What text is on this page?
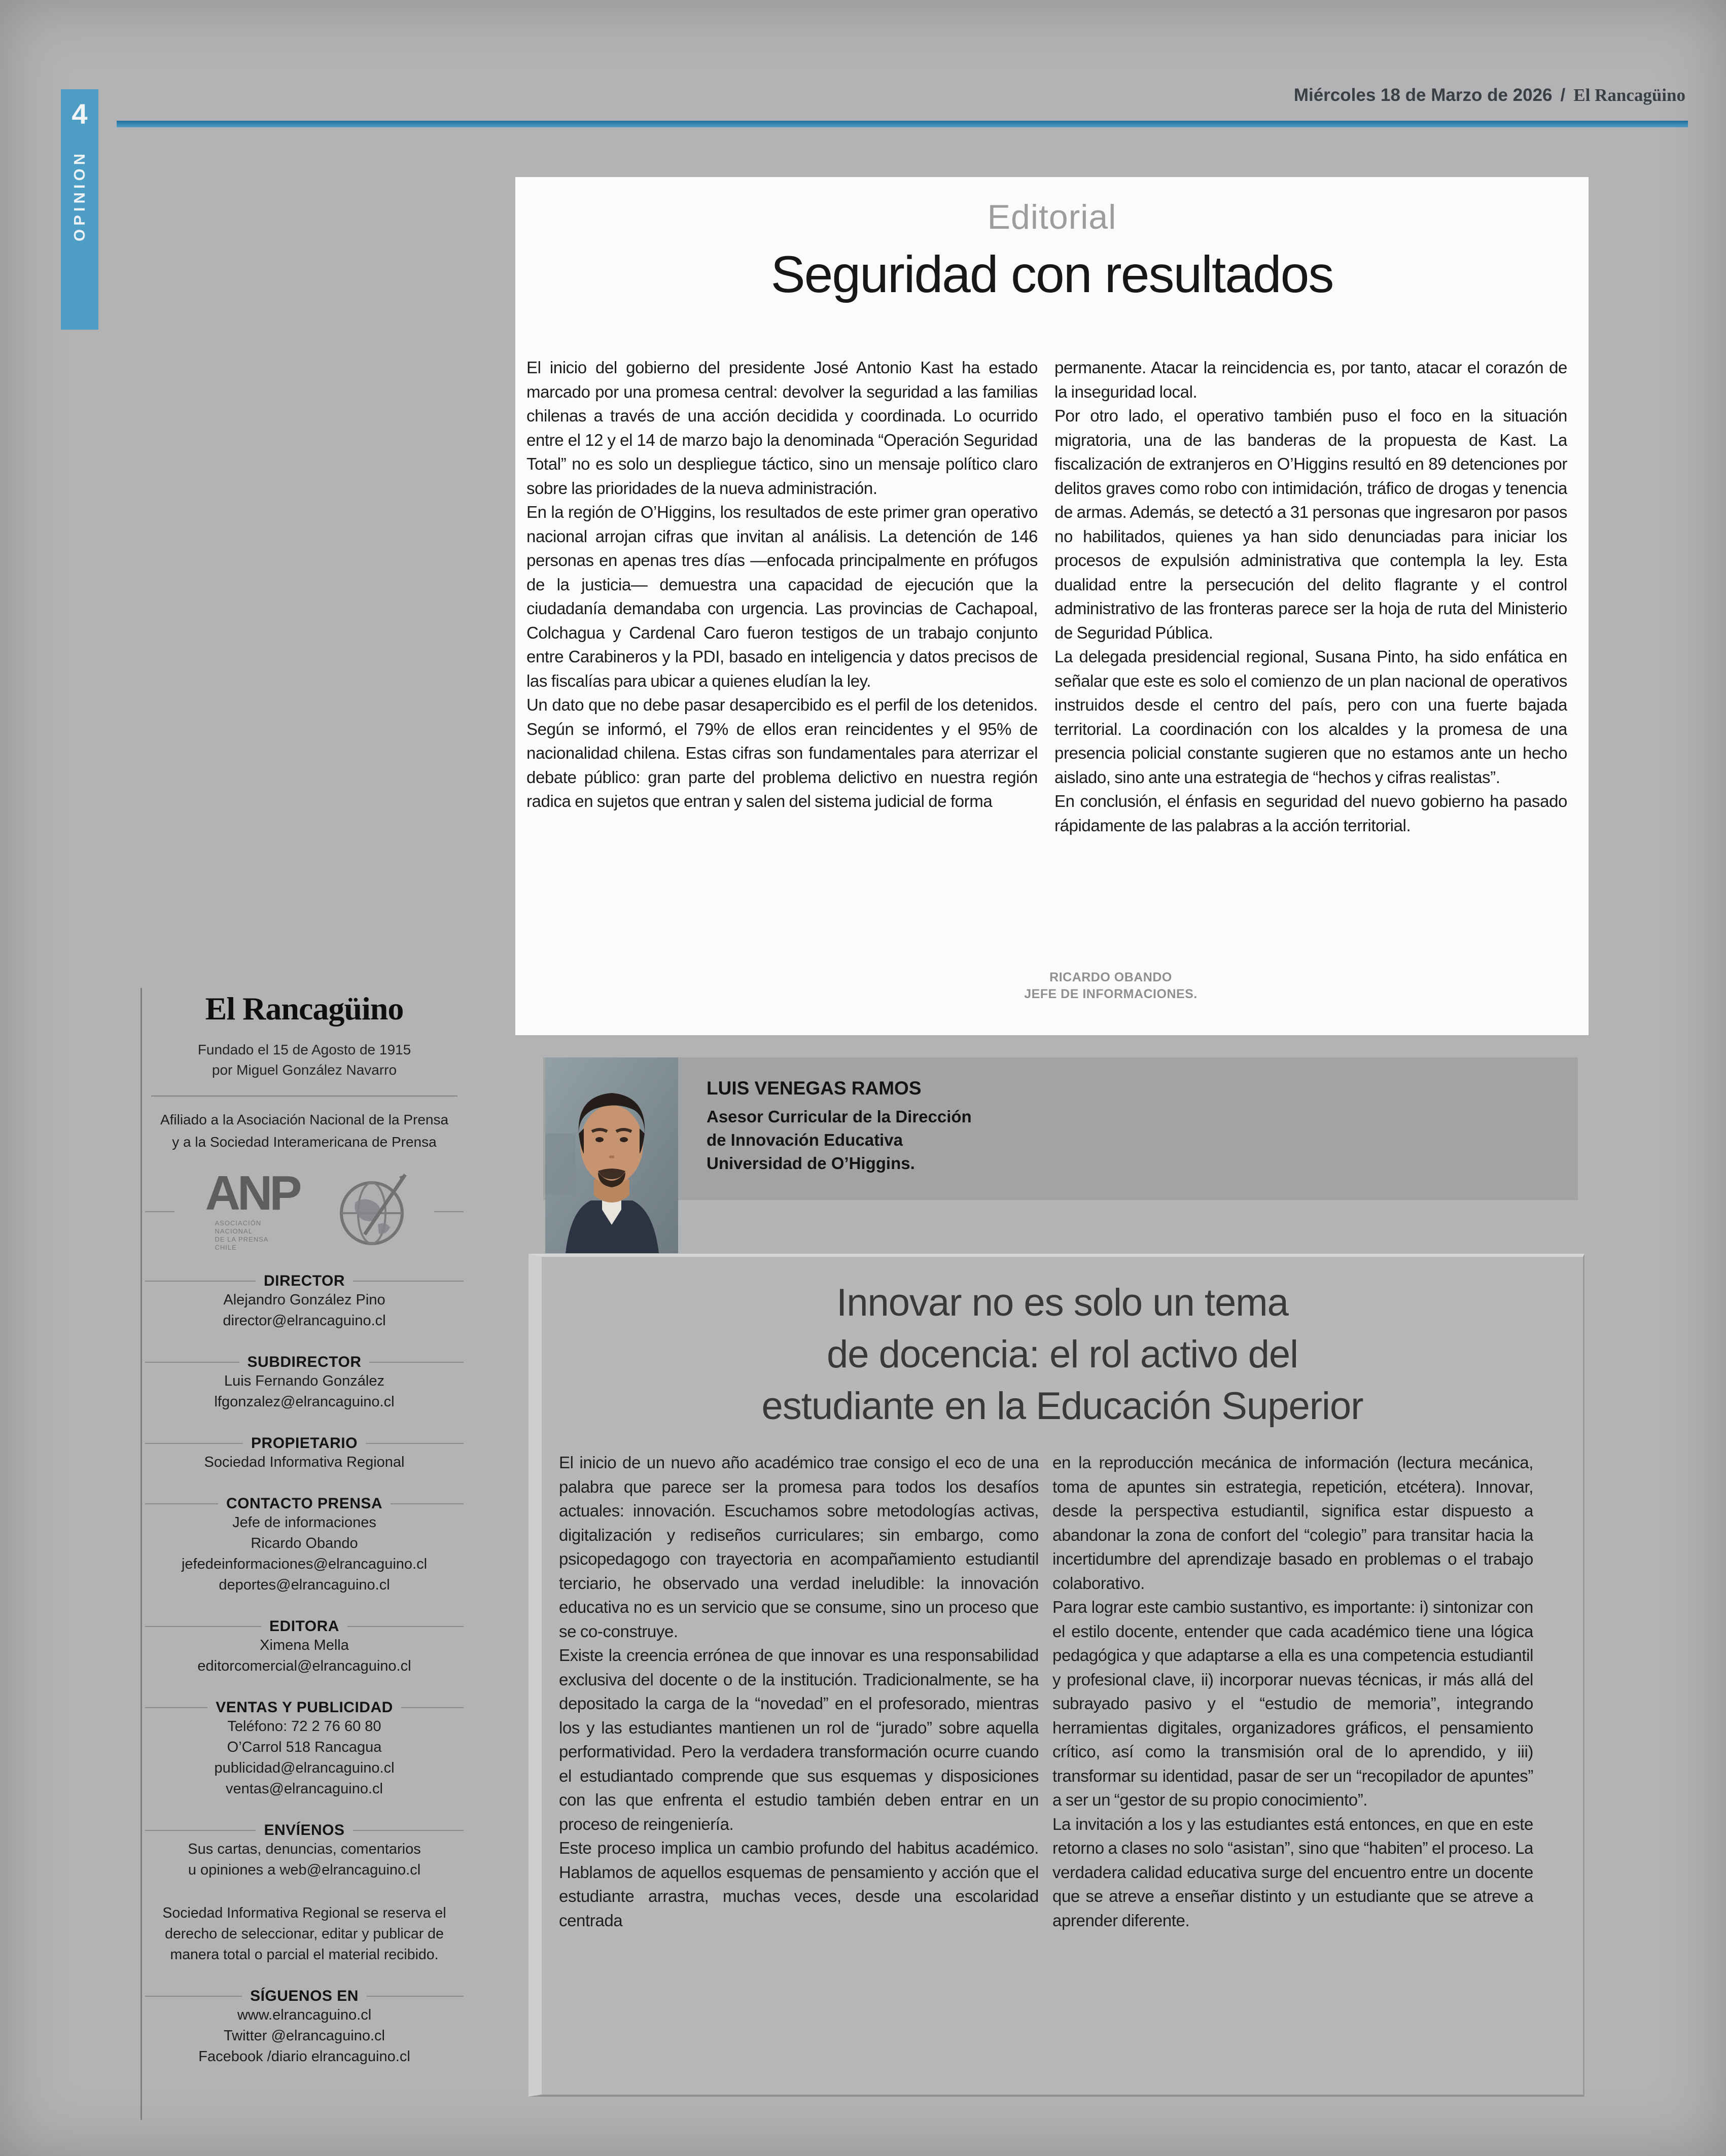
4
OPINION
Miércoles 18 de Marzo de 2026 / El Rancagüino
Editorial
Seguridad con resultados

El inicio del gobierno del presidente José Antonio Kast ha estado marcado por una promesa central: devolver la seguridad a las familias chilenas a través de una acción decidida y coordinada. Lo ocurrido entre el 12 y el 14 de marzo bajo la denominada “Operación Seguridad Total” no es solo un despliegue táctico, sino un mensaje político claro sobre las prioridades de la nueva administración.

En la región de O’Higgins, los resultados de este primer gran operativo nacional arrojan cifras que invitan al análisis. La detención de 146 personas en apenas tres días —enfocada principalmente en prófugos de la justicia— demuestra una capacidad de ejecución que la ciudadanía demandaba con urgencia. Las provincias de Cachapoal, Colchagua y Cardenal Caro fueron testigos de un trabajo conjunto entre Carabineros y la PDI, basado en inteligencia y datos precisos de las fiscalías para ubicar a quienes eludían la ley.

Un dato que no debe pasar desapercibido es el perfil de los detenidos. Según se informó, el 79% de ellos eran reincidentes y el 95% de nacionalidad chilena. Estas cifras son fundamentales para aterrizar el debate público: gran parte del problema delictivo en nuestra región radica en sujetos que entran y salen del sistema judicial de forma

permanente. Atacar la reincidencia es, por tanto, atacar el corazón de la inseguridad local.

Por otro lado, el operativo también puso el foco en la situación migratoria, una de las banderas de la propuesta de Kast. La fiscalización de extranjeros en O’Higgins resultó en 89 detenciones por delitos graves como robo con intimidación, tráfico de drogas y tenencia de armas. Además, se detectó a 31 personas que ingresaron por pasos no habilitados, quienes ya han sido denunciadas para iniciar los procesos de expulsión administrativa que contempla la ley. Esta dualidad entre la persecución del delito flagrante y el control administrativo de las fronteras parece ser la hoja de ruta del Ministerio de Seguridad Pública.

La delegada presidencial regional, Susana Pinto, ha sido enfática en señalar que este es solo el comienzo de un plan nacional de operativos instruidos desde el centro del país, pero con una fuerte bajada territorial. La coordinación con los alcaldes y la promesa de una presencia policial constante sugieren que no estamos ante un hecho aislado, sino ante una estrategia de “hechos y cifras realistas”.

En conclusión, el énfasis en seguridad del nuevo gobierno ha pasado rápidamente de las palabras a la acción territorial.

RICARDO OBANDO
JEFE DE INFORMACIONES.
LUIS VENEGAS RAMOS
Asesor Curricular de la Dirección
de Innovación Educativa
Universidad de O’Higgins.
Innovar no es solo un tema
de docencia: el rol activo del
estudiante en la Educación Superior

El inicio de un nuevo año académico trae consigo el eco de una palabra que parece ser la promesa para todos los desafíos actuales: innovación. Escuchamos sobre metodologías activas, digitalización y rediseños curriculares; sin embargo, como psicopedagogo con trayectoria en acompañamiento estudiantil terciario, he observado una verdad ineludible: la innovación educativa no es un servicio que se consume, sino un proceso que se co-construye.

Existe la creencia errónea de que innovar es una responsabilidad exclusiva del docente o de la institución. Tradicionalmente, se ha depositado la carga de la “novedad” en el profesorado, mientras los y las estudiantes mantienen un rol de “jurado” sobre aquella performatividad. Pero la verdadera transformación ocurre cuando el estudiantado comprende que sus esquemas y disposiciones con las que enfrenta el estudio también deben entrar en un proceso de reingeniería.

Este proceso implica un cambio profundo del habitus académico. Hablamos de aquellos esquemas de pensamiento y acción que el estudiante arrastra, muchas veces, desde una escolaridad centrada

en la reproducción mecánica de información (lectura mecánica, toma de apuntes sin estrategia, repetición, etcétera). Innovar, desde la perspectiva estudiantil, significa estar dispuesto a abandonar la zona de confort del “colegio” para transitar hacia la incertidumbre del aprendizaje basado en problemas o el trabajo colaborativo.

Para lograr este cambio sustantivo, es importante: i) sintonizar con el estilo docente, entender que cada académico tiene una lógica pedagógica y que adaptarse a ella es una competencia estudiantil y profesional clave, ii) incorporar nuevas técnicas, ir más allá del subrayado pasivo y el “estudio de memoria”, integrando herramientas digitales, organizadores gráficos, el pensamiento crítico, así como la transmisión oral de lo aprendido, y iii) transformar su identidad, pasar de ser un “recopilador de apuntes” a ser un “gestor de su propio conocimiento”.

La invitación a los y las estudiantes está entonces, en que en este retorno a clases no solo “asistan”, sino que “habiten” el proceso. La verdadera calidad educativa surge del encuentro entre un docente que se atreve a enseñar distinto y un estudiante que se atreve a aprender diferente.

El Rancagüino
Fundado el 15 de Agosto de 1915
por Miguel González Navarro
Afiliado a la Asociación Nacional de la Prensa
y a la Sociedad Interamericana de Prensa
ANP
ASOCIACIÓN
NACIONAL
DE LA PRENSA
CHILE
DIRECTOR
Alejandro González Pino
director@elrancaguino.cl
SUBDIRECTOR
Luis Fernando González
lfgonzalez@elrancaguino.cl
PROPIETARIO
Sociedad Informativa Regional
CONTACTO PRENSA
Jefe de informaciones
Ricardo Obando
jefedeinformaciones@elrancaguino.cl
deportes@elrancaguino.cl
EDITORA
Ximena Mella
editorcomercial@elrancaguino.cl
VENTAS Y PUBLICIDAD
Teléfono: 72 2 76 60 80
O’Carrol 518 Rancagua
publicidad@elrancaguino.cl
ventas@elrancaguino.cl
ENVÍENOS
Sus cartas, denuncias, comentarios
u opiniones a web@elrancaguino.cl
Sociedad Informativa Regional se reserva el derecho de seleccionar, editar y publicar de manera total o parcial el material recibido.
SÍGUENOS EN
www.elrancaguino.cl
Twitter @elrancaguino.cl
Facebook /diario elrancaguino.cl
